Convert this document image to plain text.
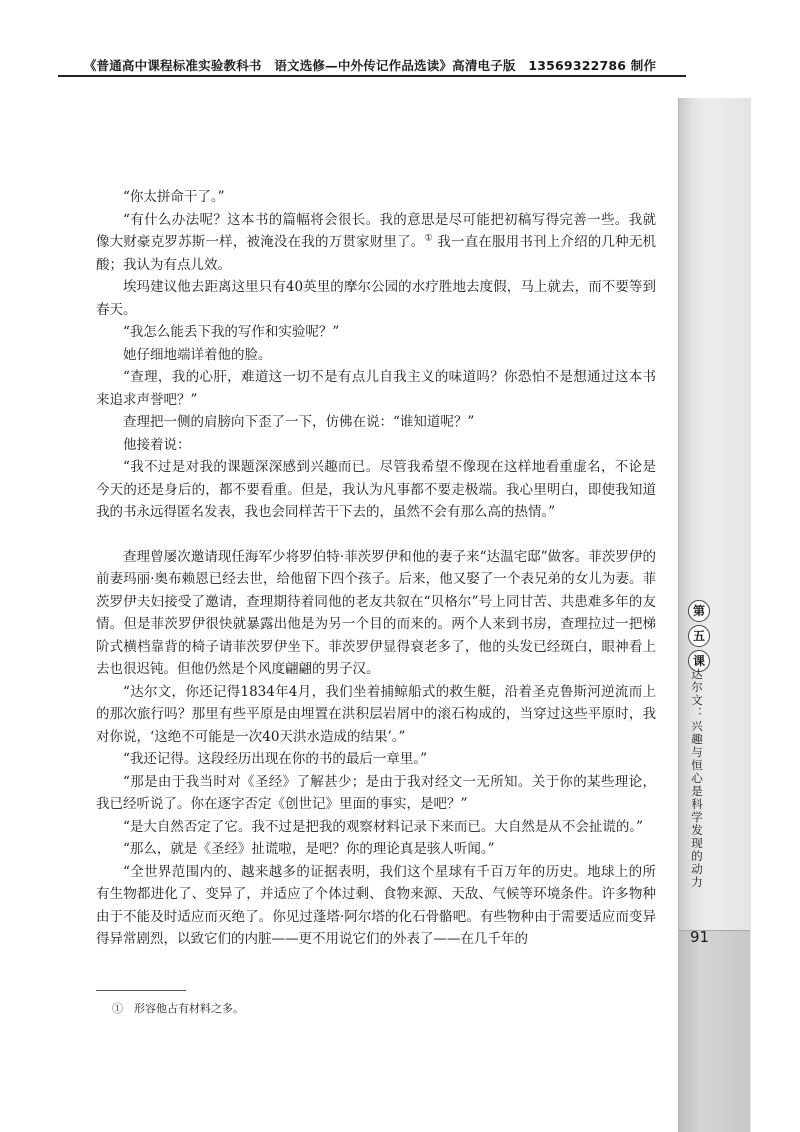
《普通高中课程标准实验教科书　语文选修—中外传记作品选读》高清电子版　13569322786 制作
第
五
课
达尔文：兴趣与恒心是科学发现的动力
91

“你太拼命干了。”

“有什么办法呢？这本书的篇幅将会很长。我的意思是尽可能把初稿写得完善一些。我就像大财豪克罗苏斯一样，被淹没在我的万贯家财里了。① 我一直在服用书刊上介绍的几种无机酸；我认为有点儿效。

埃玛建议他去距离这里只有40英里的摩尔公园的水疗胜地去度假，马上就去，而不要等到春天。

“我怎么能丢下我的写作和实验呢？”

她仔细地端详着他的脸。

“查理，我的心肝，难道这一切不是有点儿自我主义的味道吗？你恐怕不是想通过这本书来追求声誉吧？”

查理把一侧的肩膀向下歪了一下，仿佛在说：“谁知道呢？”

他接着说：

“我不过是对我的课题深深感到兴趣而已。尽管我希望不像现在这样地看重虚名，不论是今天的还是身后的，都不要看重。但是，我认为凡事都不要走极端。我心里明白，即使我知道我的书永远得匿名发表，我也会同样苦干下去的，虽然不会有那么高的热情。”

查理曾屡次邀请现任海军少将罗伯特·菲茨罗伊和他的妻子来“达温宅邸”做客。菲茨罗伊的前妻玛丽·奥布赖恩已经去世，给他留下四个孩子。后来，他又娶了一个表兄弟的女儿为妻。菲茨罗伊夫妇接受了邀请，查理期待着同他的老友共叙在“贝格尔”号上同甘苦、共患难多年的友情。但是菲茨罗伊很快就暴露出他是为另一个目的而来的。两个人来到书房，查理拉过一把梯阶式横档靠背的椅子请菲茨罗伊坐下。菲茨罗伊显得衰老多了，他的头发已经斑白，眼神看上去也很迟钝。但他仍然是个风度翩翩的男子汉。

“达尔文，你还记得1834年4月，我们坐着捕鲸船式的救生艇，沿着圣克鲁斯河逆流而上的那次旅行吗？那里有些平原是由埋置在洪积层岩屑中的滚石构成的，当穿过这些平原时，我对你说，‘这绝不可能是一次40天洪水造成的结果’。”

“我还记得。这段经历出现在你的书的最后一章里。”

“那是由于我当时对《圣经》了解甚少；是由于我对经文一无所知。关于你的某些理论，我已经听说了。你在逐字否定《创世记》里面的事实，是吧？”

“是大自然否定了它。我不过是把我的观察材料记录下来而已。大自然是从不会扯谎的。”

“那么，就是《圣经》扯谎啦，是吧？你的理论真是骇人听闻。”

“全世界范围内的、越来越多的证据表明，我们这个星球有千百万年的历史。地球上的所有生物都进化了、变异了，并适应了个体过剩、食物来源、天敌、气候等环境条件。许多物种由于不能及时适应而灭绝了。你见过蓬塔·阿尔塔的化石骨骼吧。有些物种由于需要适应而变异得异常剧烈，以致它们的内脏——更不用说它们的外表了——在几千年的

①　形容他占有材料之多。
